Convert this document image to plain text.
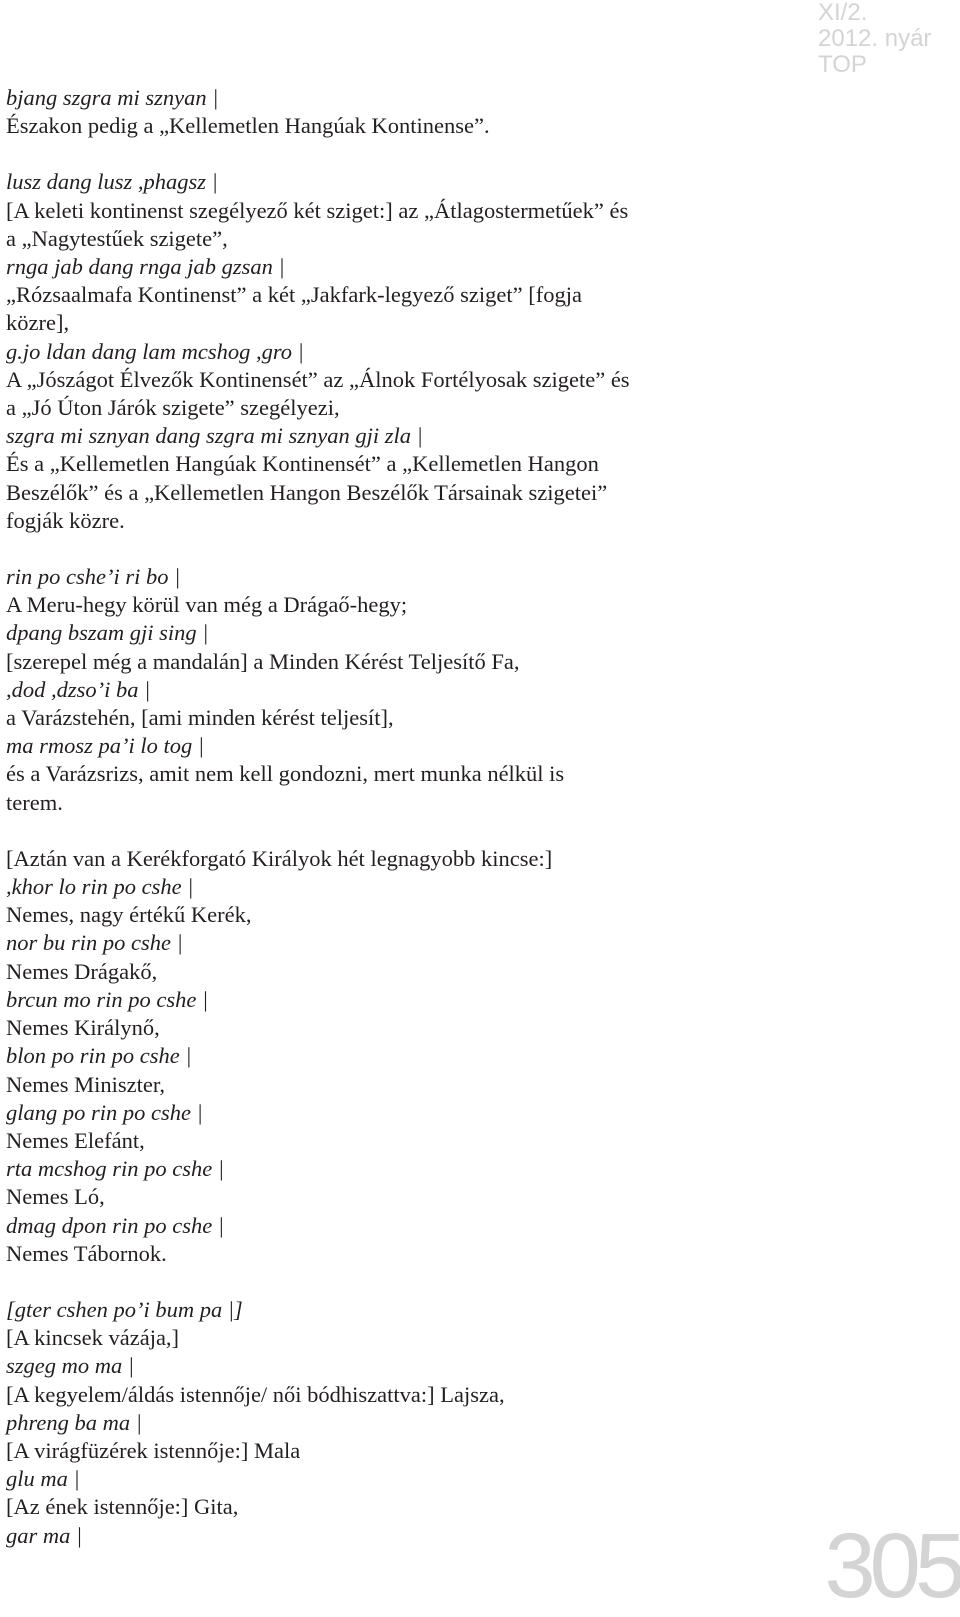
XI/2.
2012. nyár
TOP
bjang szgra mi sznyan |
Északon pedig a „Kellemetlen Hangúak Kontinense”.
lusz dang lusz ,phagsz |
[A keleti kontinenst szegélyező két sziget:] az „Átlagostermetűek” és
a „Nagytestűek szigete”,
rnga jab dang rnga jab gzsan |
„Rózsaalmafa Kontinenst” a két „Jakfark-legyező sziget” [fogja
közre],
g.jo ldan dang lam mcshog ,gro |
A „Jószágot Élvezők Kontinensét” az „Álnok Fortélyosak szigete” és
a „Jó Úton Járók szigete” szegélyezi,
szgra mi sznyan dang szgra mi sznyan gji zla |
És a „Kellemetlen Hangúak Kontinensét” a „Kellemetlen Hangon
Beszélők” és a „Kellemetlen Hangon Beszélők Társainak szigetei”
fogják közre.
rin po cshe’i ri bo |
A Meru-hegy körül van még a Drágaő-hegy;
dpang bszam gji sing |
[szerepel még a mandalán] a Minden Kérést Teljesítő Fa,
,dod ,dzso’i ba |
a Varázstehén, [ami minden kérést teljesít],
ma rmosz pa’i lo tog |
és a Varázsrizs, amit nem kell gondozni, mert munka nélkül is
terem.
[Aztán van a Kerékforgató Királyok hét legnagyobb kincse:]
,khor lo rin po cshe |
Nemes, nagy értékű Kerék,
nor bu rin po cshe |
Nemes Drágakő,
brcun mo rin po cshe |
Nemes Királynő,
blon po rin po cshe |
Nemes Miniszter,
glang po rin po cshe |
Nemes Elefánt,
rta mcshog rin po cshe |
Nemes Ló,
dmag dpon rin po cshe |
Nemes Tábornok.
[gter cshen po’i bum pa |]
[A kincsek vázája,]
szgeg mo ma |
[A kegyelem/áldás istennője/ női bódhiszattva:] Lajsza,
phreng ba ma |
[A virágfüzérek istennője:] Mala
glu ma |
[Az ének istennője:] Gita,
gar ma |	305
